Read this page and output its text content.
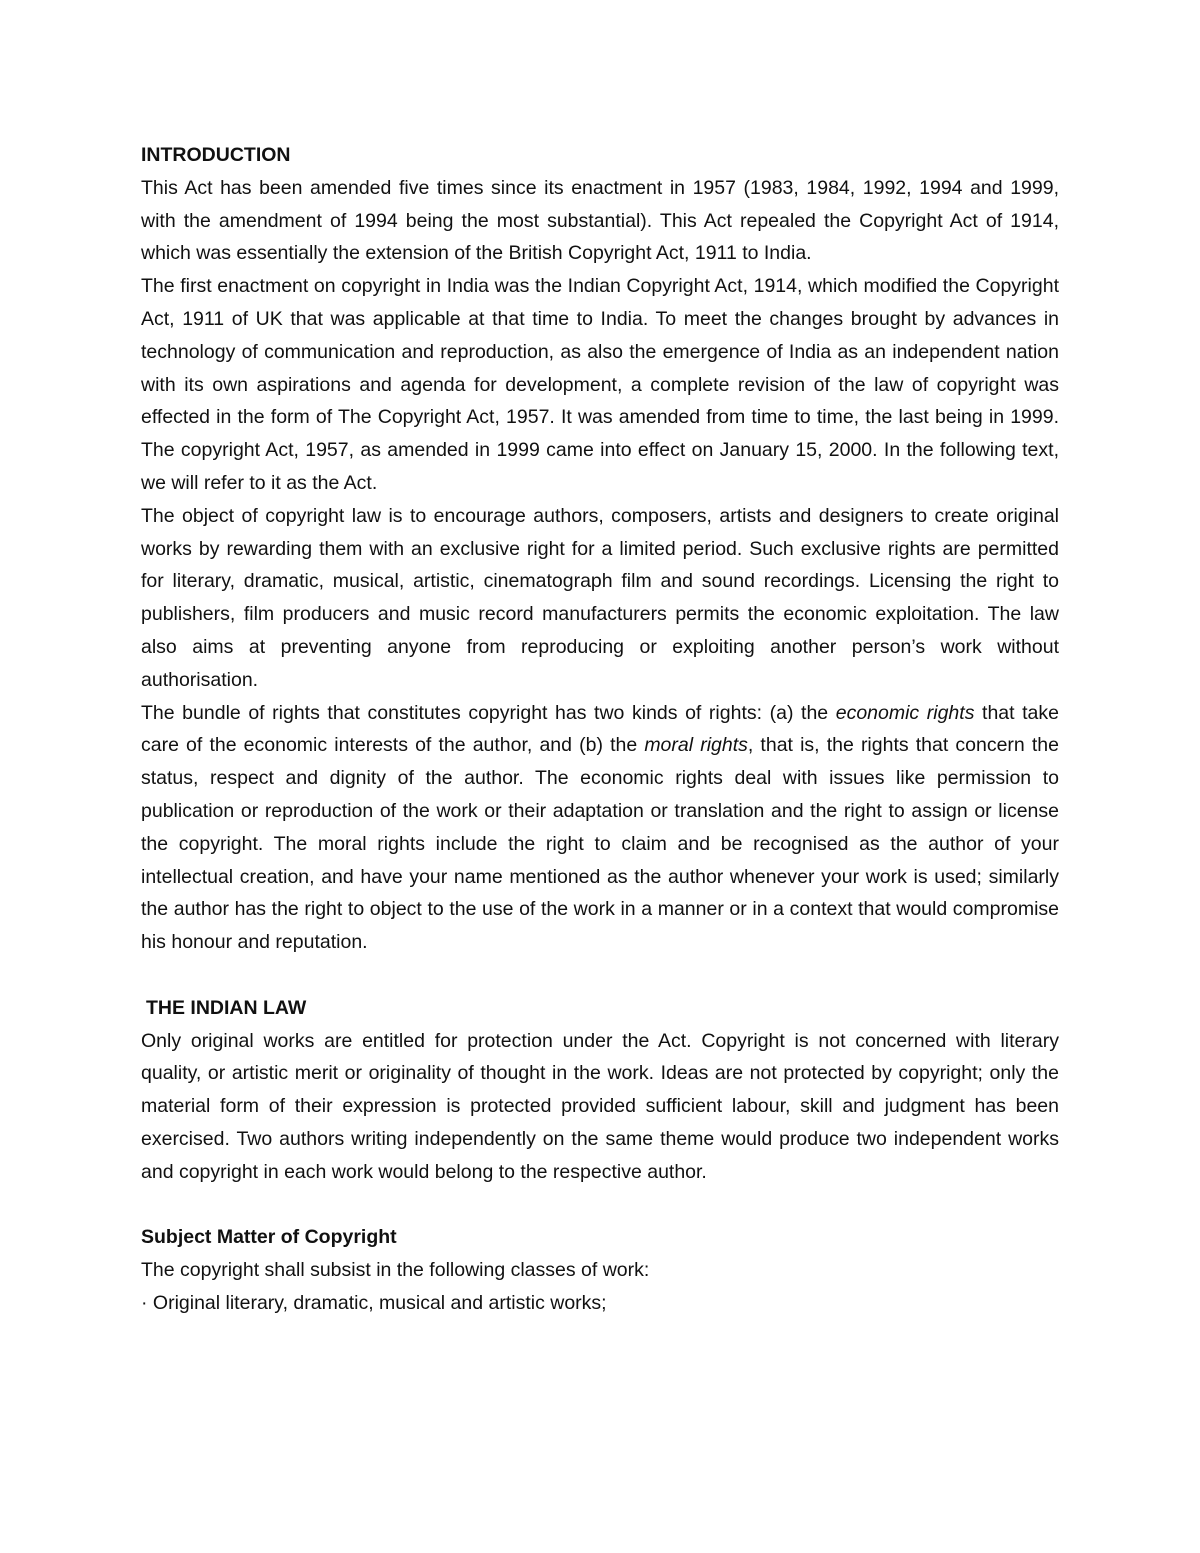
INTRODUCTION

This Act has been amended five times since its enactment in 1957 (1983, 1984, 1992, 1994 and 1999, with the amendment of 1994 being the most substantial). This Act repealed the Copyright Act of 1914, which was essentially the extension of the British Copyright Act, 1911 to India.

The first enactment on copyright in India was the Indian Copyright Act, 1914, which modified the Copyright Act, 1911 of UK that was applicable at that time to India. To meet the changes brought by advances in technology of communication and reproduction, as also the emergence of India as an independent nation with its own aspirations and agenda for development, a complete revision of the law of copyright was effected in the form of The Copyright Act, 1957. It was amended from time to time, the last being in 1999. The copyright Act, 1957, as amended in 1999 came into effect on January 15, 2000. In the following text, we will refer to it as the Act.

The object of copyright law is to encourage authors, composers, artists and designers to create original works by rewarding them with an exclusive right for a limited period. Such exclusive rights are permitted for literary, dramatic, musical, artistic, cinematograph film and sound recordings. Licensing the right to publishers, film producers and music record manufacturers permits the economic exploitation. The law also aims at preventing anyone from reproducing or exploiting another person’s work without authorisation.

The bundle of rights that constitutes copyright has two kinds of rights: (a) the economic rights that take care of the economic interests of the author, and (b) the moral rights, that is, the rights that concern the status, respect and dignity of the author. The economic rights deal with issues like permission to publication or reproduction of the work or their adaptation or translation and the right to assign or license the copyright. The moral rights include the right to claim and be recognised as the author of your intellectual creation, and have your name mentioned as the author whenever your work is used; similarly the author has the right to object to the use of the work in a manner or in a context that would compromise his honour and reputation.

THE INDIAN LAW

Only original works are entitled for protection under the Act. Copyright is not concerned with literary quality, or artistic merit or originality of thought in the work. Ideas are not protected by copyright; only the material form of their expression is protected provided sufficient labour, skill and judgment has been exercised. Two authors writing independently on the same theme would produce two independent works and copyright in each work would belong to the respective author.

Subject Matter of Copyright

The copyright shall subsist in the following classes of work:

· Original literary, dramatic, musical and artistic works;
